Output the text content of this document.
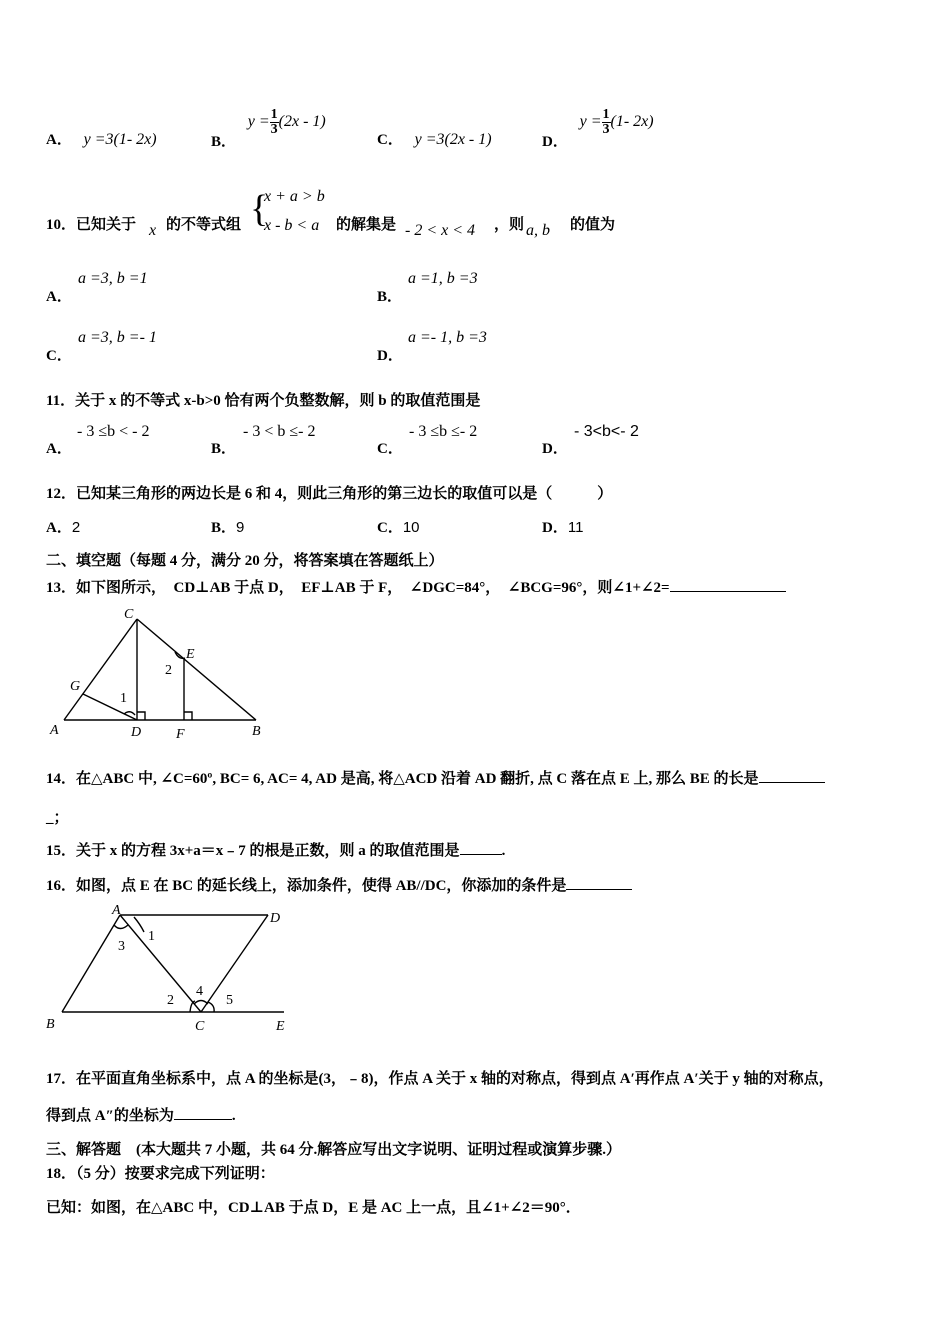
A． y =3(1- 2x)	B． $y = \frac{1}{3} (2x - 1)$
C． y =3(2x - 1)	D． $y = \frac{1}{3} (1-$ 2x)
10．已知关于 x 的不等式组 {
x + a > b
x - b < a 的解集是 - 2 < x < 4 ，则 a, b 的值为
A．
a =3, b =1
B．
a =1, b =3
C．
a =3, b =- 1
D．
a =- 1, b =3
11．关于 x 的不等式 x-b>0 恰有两个负整数解，则 b 的取值范围是
A．
- 3 ≤b < - 2
B．
- 3 < b ≤- 2
C．
- 3 ≤b ≤- 2
D．
- 3<b<- 2
12．已知某三角形的两边长是 6 和 4，则此三角形的第三边长的取值可以是（　　　）
A．2	B．9	C．10	D．11
二、填空题（每题 4 分，满分 20 分，将答案填在答题纸上）
13．如下图所示，　CD⊥AB 于点 D，　EF⊥AB 于 F，　∠DGC=84°，　∠BCG=96°，则∠1+∠2=
C
E
G
A	D F	B
1
2
14．在△ABC 中, ∠C=60º, BC= 6, AC= 4, AD 是高, 将△ACD 沿着 AD 翻折, 点 C 落在点 E 上, 那么 BE 的长是
_；
15．关于 x 的方程 3x+a＝x﹣7 的根是正数，则 a 的取值范围是	.
16．如图，点 E 在 BC 的延长线上，添加条件，使得 AB//DC，你添加的条件是
A
D
B	C	E
1
3
2
4
5
17．在平面直角坐标系中，点 A 的坐标是(3，﹣8)，作点 A 关于 x 轴的对称点，得到点 A′再作点 A′关于 y 轴的对称点，
得到点 A″的坐标为	.
三、解答题　(本大题共 7 小题，共 64 分.解答应写出文字说明、证明过程或演算步骤.）
18．（5 分）按要求完成下列证明：
已知：如图，在△ABC 中，CD⊥AB 于点 D，E 是 AC 上一点，且∠1+∠2＝90°．
